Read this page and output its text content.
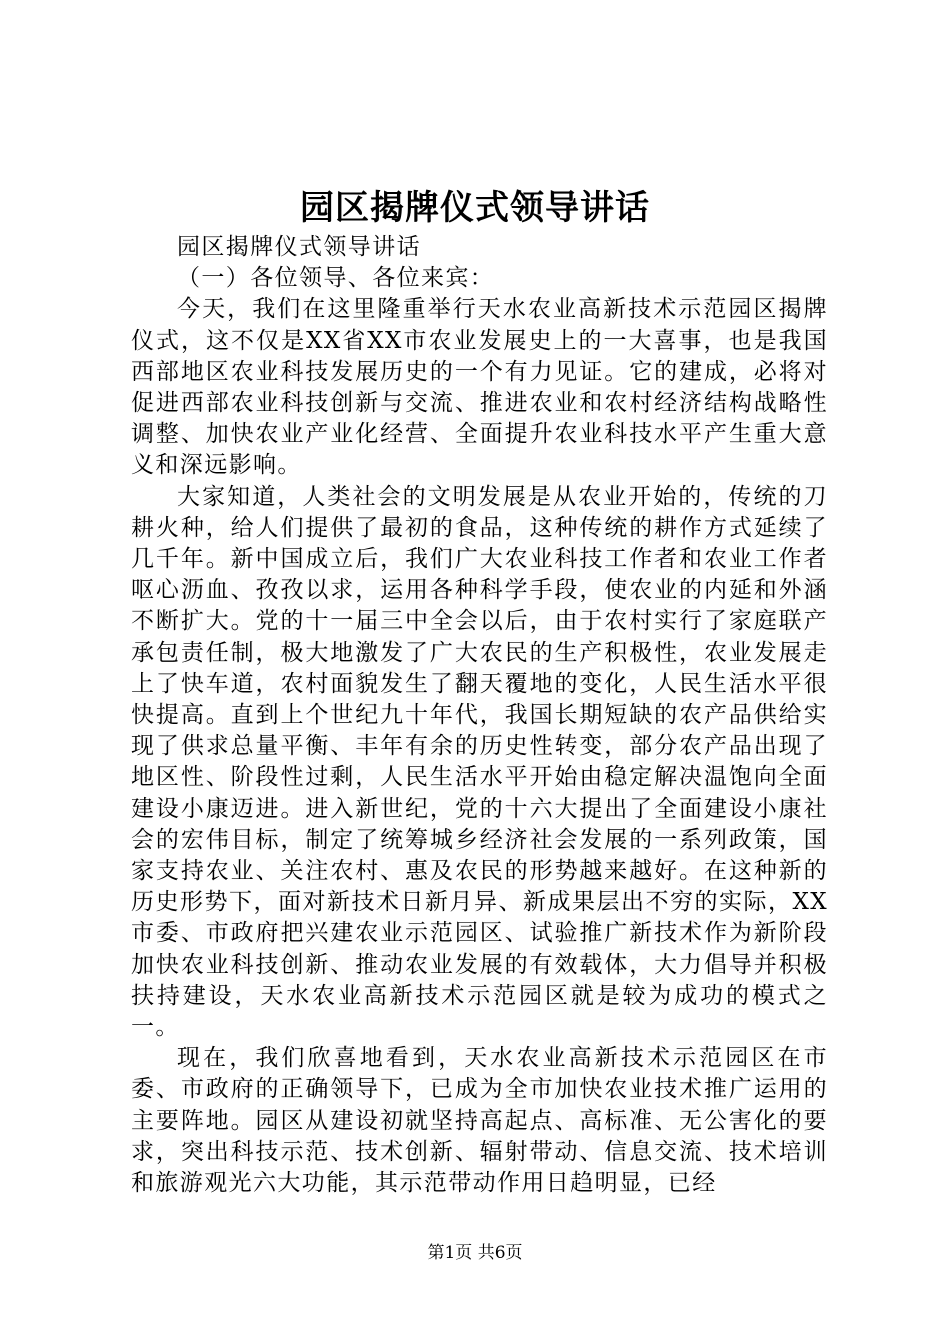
园区揭牌仪式领导讲话

园区揭牌仪式领导讲话

（一）各位领导、各位来宾：

今天，我们在这里隆重举行天水农业高新技术示范园区揭牌仪式，这不仅是XX省XX市农业发展史上的一大喜事，也是我国西部地区农业科技发展历史的一个有力见证。它的建成，必将对促进西部农业科技创新与交流、推进农业和农村经济结构战略性调整、加快农业产业化经营、全面提升农业科技水平产生重大意义和深远影响。

大家知道，人类社会的文明发展是从农业开始的，传统的刀耕火种，给人们提供了最初的食品，这种传统的耕作方式延续了几千年。新中国成立后，我们广大农业科技工作者和农业工作者呕心沥血、孜孜以求，运用各种科学手段，使农业的内延和外涵不断扩大。党的十一届三中全会以后，由于农村实行了家庭联产承包责任制，极大地激发了广大农民的生产积极性，农业发展走上了快车道，农村面貌发生了翻天覆地的变化，人民生活水平很快提高。直到上个世纪九十年代，我国长期短缺的农产品供给实现了供求总量平衡、丰年有余的历史性转变，部分农产品出现了地区性、阶段性过剩，人民生活水平开始由稳定解决温饱向全面建设小康迈进。进入新世纪，党的十六大提出了全面建设小康社会的宏伟目标，制定了统筹城乡经济社会发展的一系列政策，国家支持农业、关注农村、惠及农民的形势越来越好。在这种新的历史形势下，面对新技术日新月异、新成果层出不穷的实际，XX市委、市政府把兴建农业示范园区、试验推广新技术作为新阶段加快农业科技创新、推动农业发展的有效载体，大力倡导并积极扶持建设，天水农业高新技术示范园区就是较为成功的模式之一。

现在，我们欣喜地看到，天水农业高新技术示范园区在市委、市政府的正确领导下，已成为全市加快农业技术推广运用的主要阵地。园区从建设初就坚持高起点、高标准、无公害化的要求，突出科技示范、技术创新、辐射带动、信息交流、技术培训和旅游观光六大功能，其示范带动作用日趋明显，已经

第1页 共6页
